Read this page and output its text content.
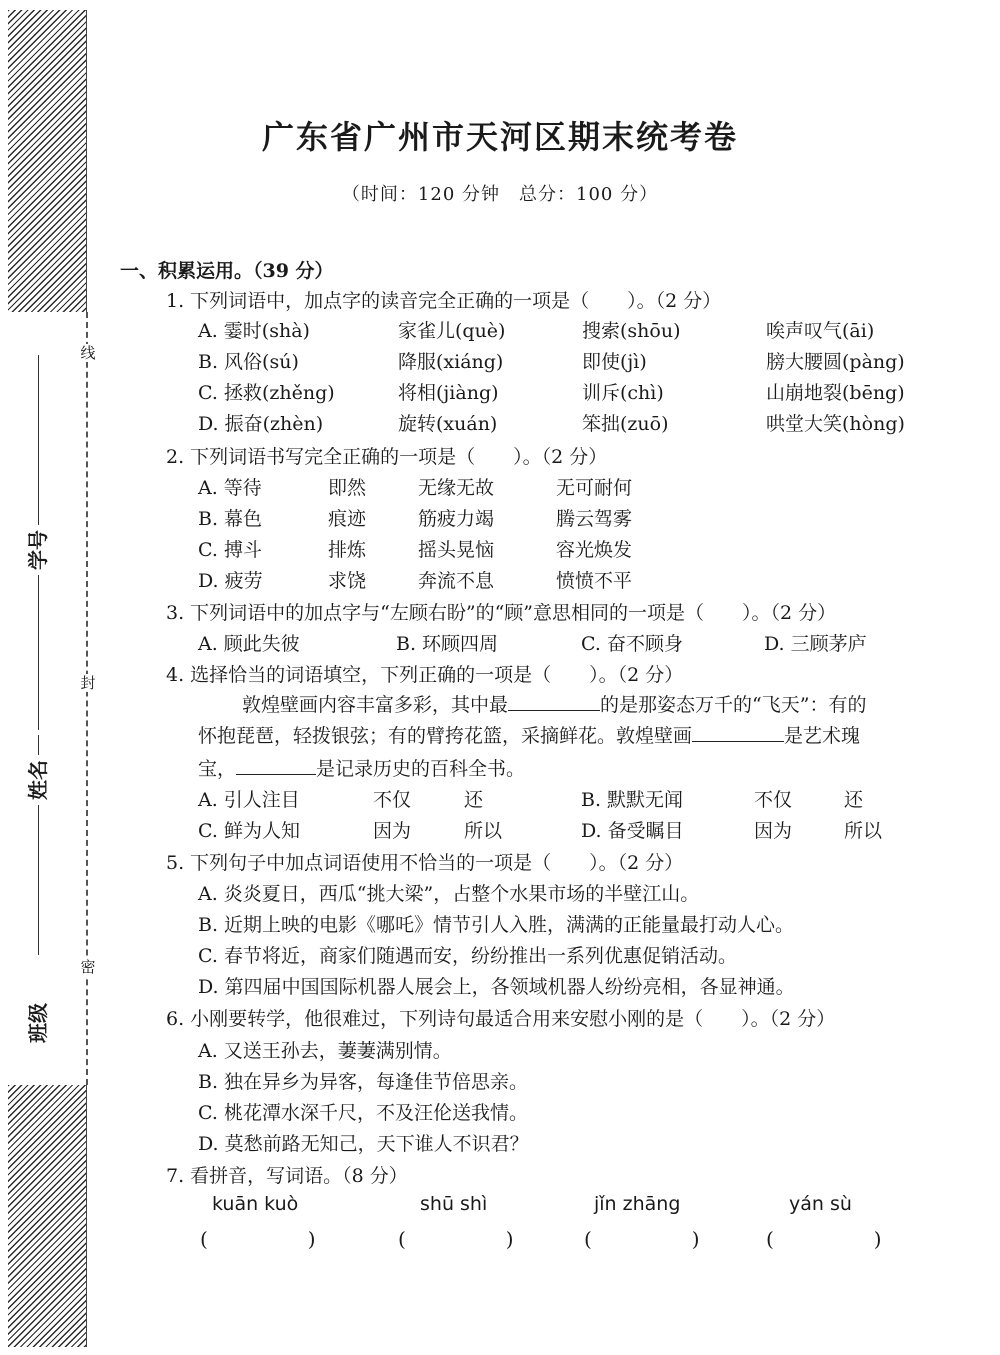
线
封
密
学号
姓名
班级
广东省广州市天河区期末统考卷
（时间：120 分钟　总分：100 分）
一、积累运用。（39 分）
1. 下列词语中，加点字的读音完全正确的一项是（　　）。（2 分）
A. 霎时(shà)	家雀儿(què)	搜索(shōu)	唉声叹气(āi)
B. 风俗(sú)	降服(xiáng)	即使(jì)	膀大腰圆(pàng)
C. 拯救(zhěng)	将相(jiàng)	训斥(chì)	山崩地裂(bēng)
D. 振奋(zhèn)	旋转(xuán)	笨拙(zuō)	哄堂大笑(hòng)
2. 下列词语书写完全正确的一项是（　　）。（2 分）
A. 等待	即然	无缘无故	无可耐何
B. 幕色	痕迹	筋疲力竭	腾云驾雾
C. 搏斗	排炼	摇头晃恼	容光焕发
D. 疲劳	求饶	奔流不息	愤愤不平
3. 下列词语中的加点字与“左顾右盼”的“顾”意思相同的一项是（　　）。（2 分）
A. 顾此失彼	B. 环顾四周	C. 奋不顾身	D. 三顾茅庐
4. 选择恰当的词语填空，下列正确的一项是（　　）。（2 分）
敦煌壁画内容丰富多彩，其中最	的是那姿态万千的“飞天”：有的
怀抱琵琶，轻拨银弦；有的臂挎花篮，采摘鲜花。敦煌壁画	是艺术瑰
宝，	是记录历史的百科全书。
A. 引人注目	不仅	还	B. 默默无闻	不仅	还
C. 鲜为人知	因为	所以	D. 备受瞩目	因为	所以
5. 下列句子中加点词语使用不恰当的一项是（　　）。（2 分）
A. 炎炎夏日，西瓜“挑大梁”，占整个水果市场的半壁江山。
B. 近期上映的电影《哪吒》情节引人入胜，满满的正能量最打动人心。
C. 春节将近，商家们随遇而安，纷纷推出一系列优惠促销活动。
D. 第四届中国国际机器人展会上，各领域机器人纷纷亮相，各显神通。
6. 小刚要转学，他很难过，下列诗句最适合用来安慰小刚的是（　　）。（2 分）
A. 又送王孙去，萋萋满别情。
B. 独在异乡为异客，每逢佳节倍思亲。
C. 桃花潭水深千尺，不及汪伦送我情。
D. 莫愁前路无知己，天下谁人不识君？
7. 看拼音，写词语。（8 分）
kuān kuò	shū shì	jǐn zhāng	yán sù
(　　　　　)	(　　　　　)	(　　　　　)	(　　　　　)
